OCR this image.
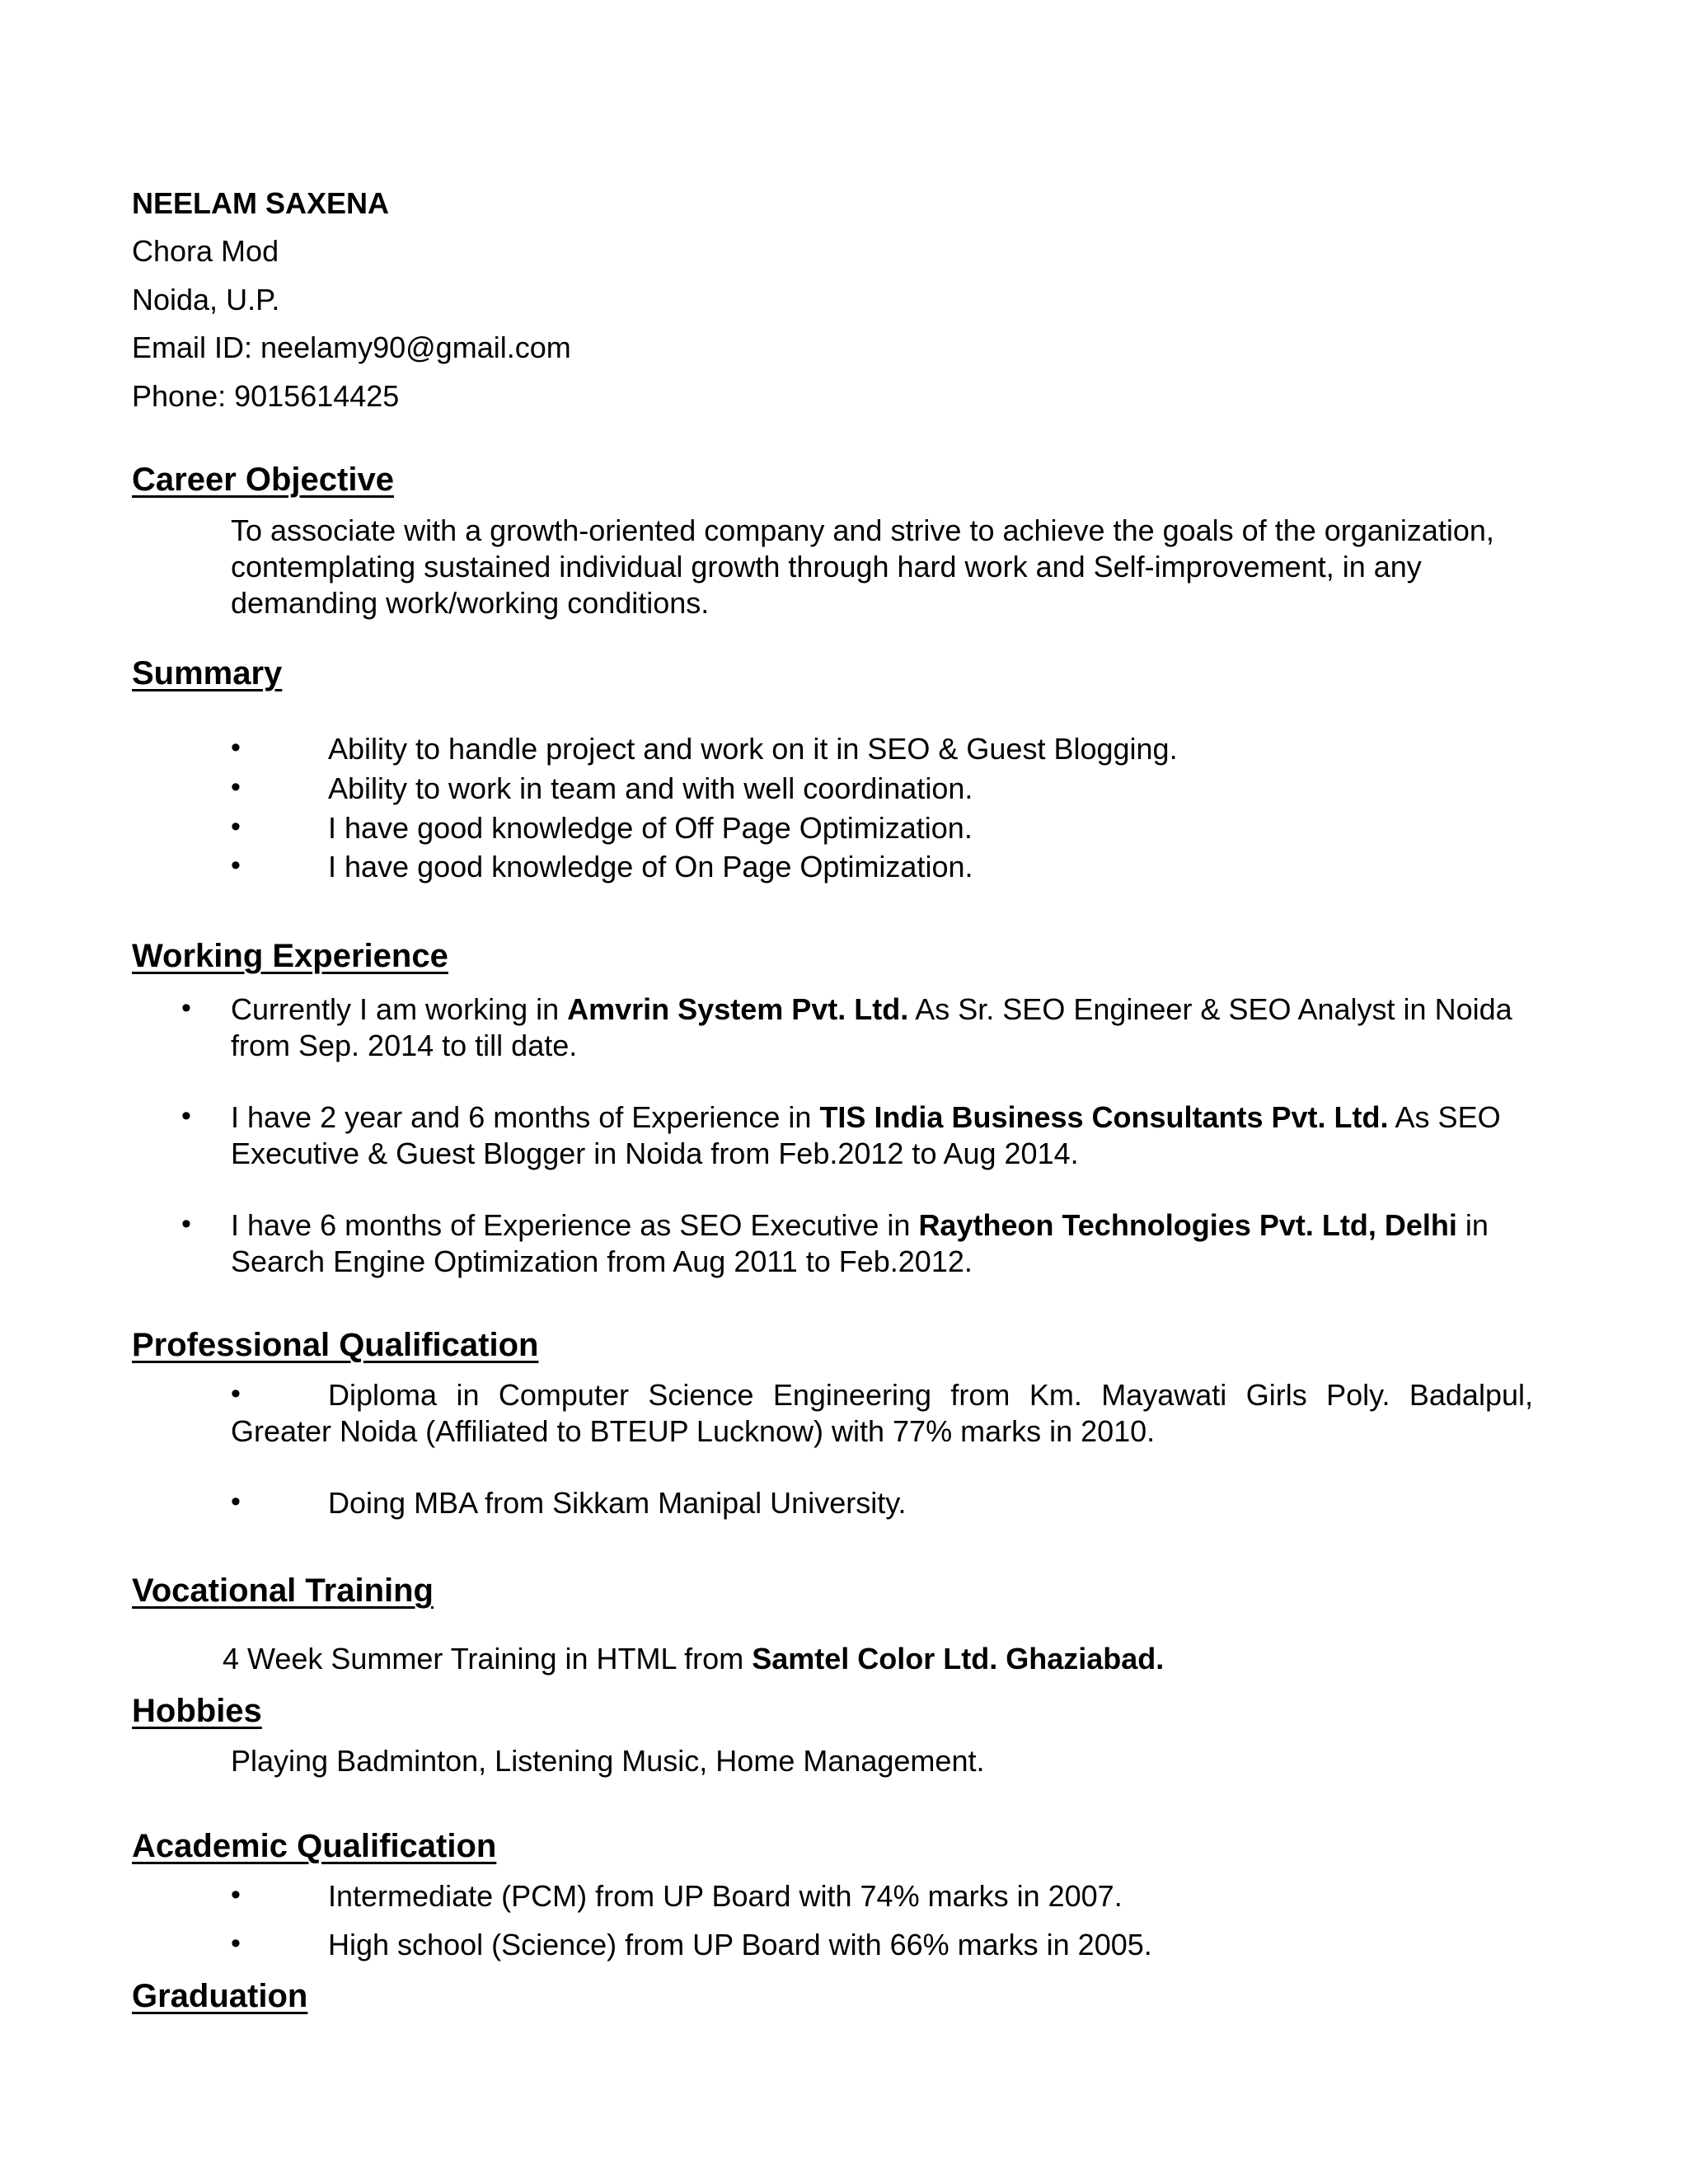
NEELAM SAXENA
Chora Mod
Noida, U.P.
Email ID: neelamy90@gmail.com
Phone: 9015614425
Career Objective
To associate with a growth-oriented company and strive to achieve the goals of the organization,
contemplating sustained individual growth through hard work and Self-improvement, in any
demanding work/working conditions.
Summary
•	Ability to handle project and work on it in SEO & Guest Blogging.
•	Ability to work in team and with well coordination.
•	I have good knowledge of Off Page Optimization.
•	I have good knowledge of On Page Optimization.
Working Experience
• Currently I am working in Amvrin System Pvt. Ltd. As Sr. SEO Engineer & SEO Analyst in Noida
from Sep. 2014 to till date.
• I have 2 year and 6 months of Experience in TIS India Business Consultants Pvt. Ltd. As SEO
Executive & Guest Blogger in Noida from Feb.2012 to Aug 2014.
• I have 6 months of Experience as SEO Executive in Raytheon Technologies Pvt. Ltd, Delhi in
Search Engine Optimization from Aug 2011 to Feb.2012.
Professional Qualification
•	Diploma in Computer Science Engineering from Km. Mayawati Girls Poly. Badalpul,
Greater Noida (Affiliated to BTEUP Lucknow) with 77% marks in 2010.
•	Doing MBA from Sikkam Manipal University.
Vocational Training
4 Week Summer Training in HTML from Samtel Color Ltd. Ghaziabad.
Hobbies
Playing Badminton, Listening Music, Home Management.
Academic Qualification
•	Intermediate (PCM) from UP Board with 74% marks in 2007.
•	High school (Science) from UP Board with 66% marks in 2005.
Graduation
